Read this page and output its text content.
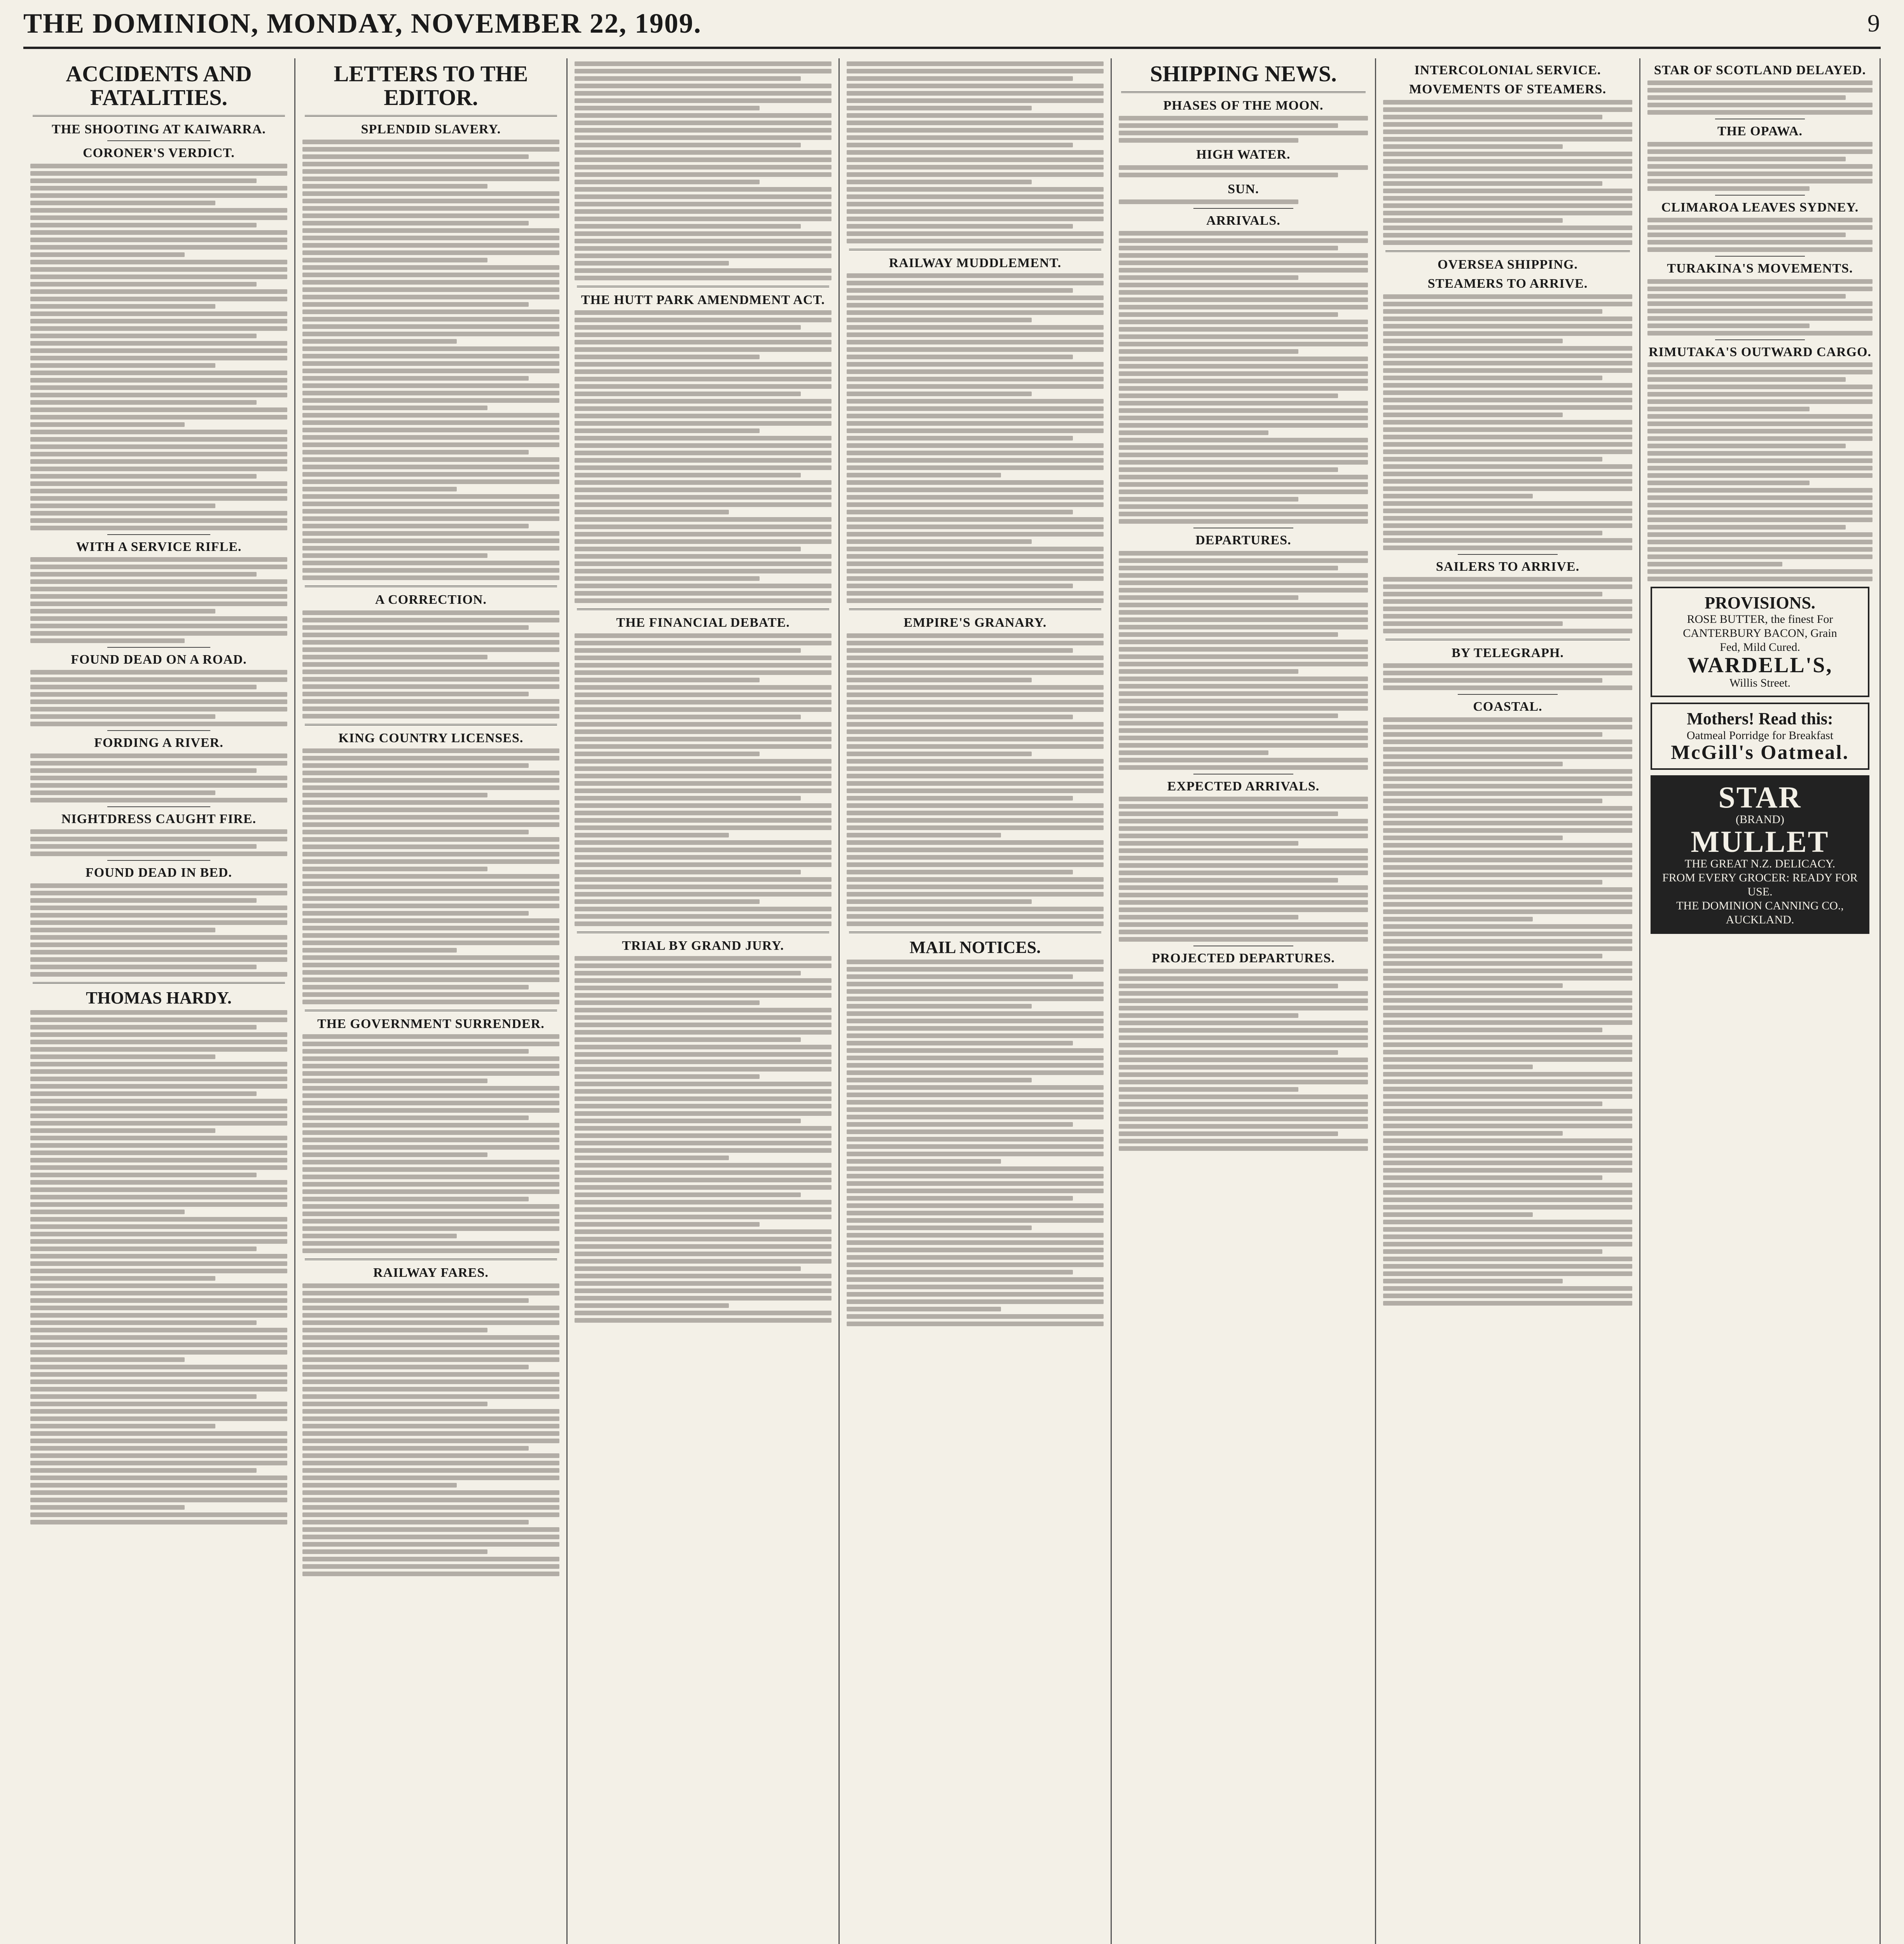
THE DOMINION, MONDAY, NOVEMBER 22, 1909.	9
ACCIDENTS AND FATALITIES.
THE SHOOTING AT KAIWARRA.
CORONER'S VERDICT.
WITH A SERVICE RIFLE.
FOUND DEAD ON A ROAD.
FORDING A RIVER.
NIGHTDRESS CAUGHT FIRE.
FOUND DEAD IN BED.
THOMAS HARDY.
LETTERS TO THE EDITOR.
SPLENDID SLAVERY.
A CORRECTION.
KING COUNTRY LICENSES.
THE GOVERNMENT SURRENDER.
RAILWAY FARES.
THE HUTT PARK AMENDMENT ACT.
THE FINANCIAL DEBATE.
TRIAL BY GRAND JURY.
RAILWAY MUDDLEMENT.
EMPIRE'S GRANARY.
MAIL NOTICES.
SHIPPING NEWS.
PHASES OF THE MOON.
HIGH WATER.
SUN.
ARRIVALS.
DEPARTURES.
EXPECTED ARRIVALS.
PROJECTED DEPARTURES.
INTERCOLONIAL SERVICE.
MOVEMENTS OF STEAMERS.
OVERSEA SHIPPING.
STEAMERS TO ARRIVE.
SAILERS TO ARRIVE.
BY TELEGRAPH.
COASTAL.
STAR OF SCOTLAND DELAYED.
THE OPAWA.
CLIMAROA LEAVES SYDNEY.
TURAKINA'S MOVEMENTS.
RIMUTAKA'S OUTWARD CARGO.
PROVISIONS.
ROSE BUTTER, the finest For
CANTERBURY BACON, Grain
Fed, Mild Cured.
WARDELL'S,
Willis Street.
Mothers! Read this:
Oatmeal Porridge for Breakfast
McGill's Oatmeal.
STAR
(BRAND)
MULLET
THE GREAT N.Z. DELICACY.
FROM EVERY GROCER: READY FOR USE.
THE DOMINION CANNING CO., AUCKLAND.
